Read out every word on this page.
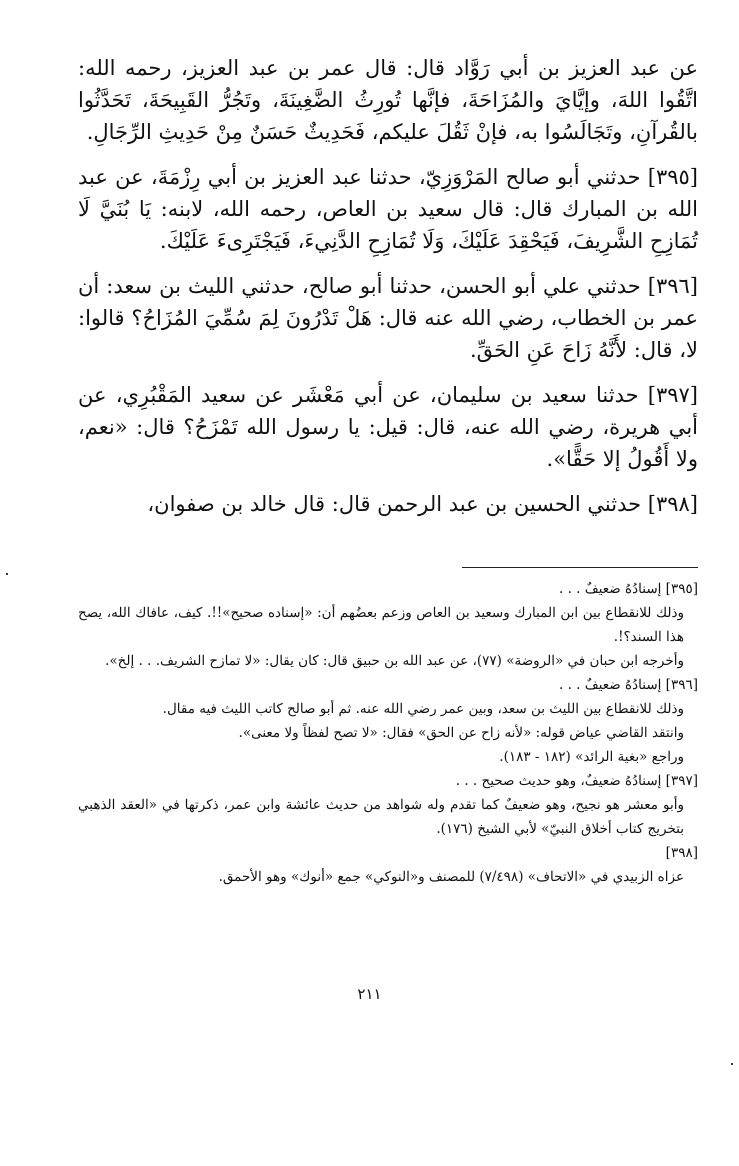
عن عبد العزيز بن أبي رَوَّاد قال: قال عمر بن عبد العزيز، رحمه الله: اتَّقُوا اللهَ، وإيَّايَ والمُزَاحَةَ، فإنَّها تُورِثُ الضَّغِينَةَ، وتَجُرُّ القَبِيحَةَ، تَحَدَّثُوا بالقُرآنِ، وتَجَالَسُوا به، فإنْ ثَقُلَ عليكم، فَحَدِيثٌ حَسَنٌ مِنْ حَدِيثِ الرِّجَالِ.

[٣٩٥] حدثني أبو صالح المَرْوَزِيّ، حدثنا عبد العزيز بن أبي رِزْمَةَ، عن عبد الله بن المبارك قال: قال سعيد بن العاص، رحمه الله، لابنه: يَا بُنَيَّ لَا تُمَازِحِ الشَّرِيفَ، فَيَحْقِدَ عَلَيْكَ، وَلَا تُمَازِحِ الدَّنِيءَ، فَيَجْتَرِىءَ عَلَيْكَ.

[٣٩٦] حدثني علي أبو الحسن، حدثنا أبو صالح، حدثني الليث بن سعد: أن عمر بن الخطاب، رضي الله عنه قال: هَلْ تَدْرُونَ لِمَ سُمِّيَ المُزَاحُ؟ قالوا: لا، قال: لأَنَّهُ زَاحَ عَنِ الحَقِّ.

[٣٩٧] حدثنا سعيد بن سليمان، عن أبي مَعْشَر عن سعيد المَقْبُرِي، عن أبي هريرة، رضي الله عنه، قال: قيل: يا رسول الله تَمْزَحُ؟ قال: «نعم، ولا أَقُولُ إلا حَقًّا».

[٣٩٨] حدثني الحسين بن عبد الرحمن قال: قال خالد بن صفوان،

[٣٩٥] إسنادُهُ ضعيفٌ . . .

وذلك للانقطاع بين ابن المبارك وسعيد بن العاص وزعم بعضُهم أن: «إسناده صحيح»!!. كيف، عافاك الله، يصح هذا السند؟!.

وأخرجه ابن حبان في «الروضة» (٧٧)، عن عبد الله بن حبيق قال: كان يقال: «لا تمازح الشريف. . . إلخ».

[٣٩٦] إسنادُهُ ضعيفٌ . . .

وذلك للانقطاع بين الليث بن سعد، وبين عمر رضي الله عنه. ثم أبو صالح كاتب الليث فيه مقال.

وانتقد القاضي عياض قوله: «لأنه زاح عن الحق» فقال: «لا تصح لفظاً ولا معنى».

وراجع «بغية الرائد» (١٨٢ - ١٨٣).

[٣٩٧] إسنادُهُ ضعيفٌ، وهو حديث صحيح . . .

وأبو معشر هو نجيح، وهو ضعيفٌ كما تقدم وله شواهد من حديث عائشة وابن عمر، ذكرتها في «العقد الذهبي بتخريج كتاب أخلاق النبيّ» لأبي الشيخ (١٧٦).

[٣٩٨]

عزاه الزبيدي في «الاتحاف» (٧/٤٩٨) للمصنف و«النوكي» جمع «أنوك» وهو الأحمق.

٢١١
